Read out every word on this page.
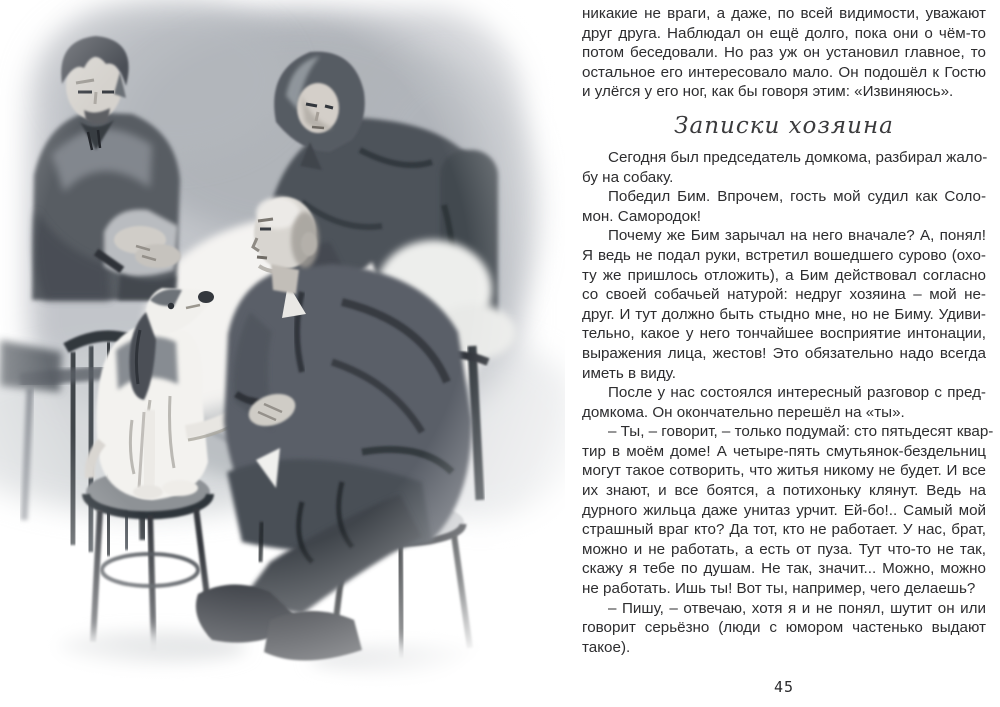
никакие не враги, а даже, по всей видимости, уважают
друг друга. Наблюдал он ещё долго, пока они о чём-то
потом беседовали. Но раз уж он установил главное, то
остальное его интересовало мало. Он подошёл к Гостю
и улёгся у его ног, как бы говоря этим: «Извиняюсь».
Записки хозяина
Сегодня был председатель домкома, разбирал жало-
бу на собаку.
Победил Бим. Впрочем, гость мой судил как Соло-
мон. Самородок!
Почему же Бим зарычал на него вначале? А, понял!
Я ведь не подал руки, встретил вошедшего сурово (охо-
ту же пришлось отложить), а Бим действовал согласно
со своей собачьей натурой: недруг хозяина – мой не-
друг. И тут должно быть стыдно мне, но не Биму. Удиви-
тельно, какое у него тончайшее восприятие интонации,
выражения лица, жестов! Это обязательно надо всегда
иметь в виду.
После у нас состоялся интересный разговор с пред-
домкома. Он окончательно перешёл на «ты».
– Ты, – говорит, – только подумай: сто пятьдесят квар-
тир в моём доме! А четыре-пять смутьянок-бездельниц
могут такое сотворить, что житья никому не будет. И все
их знают, и все боятся, а потихоньку клянут. Ведь на
дурного жильца даже унитаз урчит. Ей-бо!.. Самый мой
страшный враг кто? Да тот, кто не работает. У нас, брат,
можно и не работать, а есть от пуза. Тут что-то не так,
скажу я тебе по душам. Не так, значит... Можно, можно
не работать. Ишь ты! Вот ты, например, чего делаешь?
– Пишу, – отвечаю, хотя я и не понял, шутит он или
говорит серьёзно (люди с юмором частенько выдают
такое).
45
